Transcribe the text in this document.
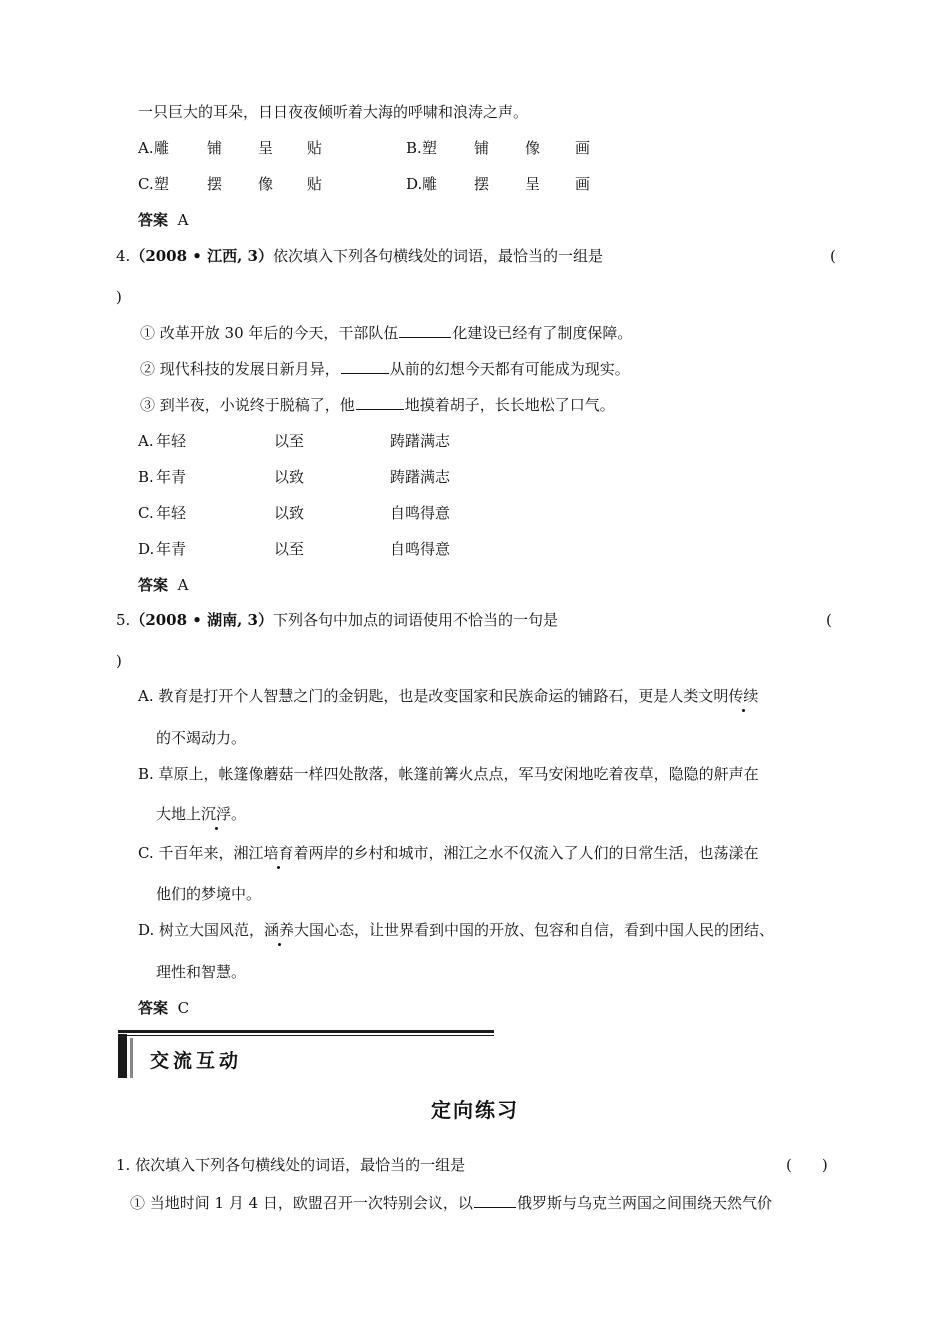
一只巨大的耳朵，日日夜夜倾听着大海的呼啸和浪涛之声。
A. 雕	铺 呈 贴	B. 塑 铺 像 画
C. 塑	摆 像 贴	D. 雕 摆 呈 画
答案 A
4.（2008 • 江西, 3）依次填入下列各句横线处的词语，最恰当的一组是	(
)
① 改革开放 30 年后的今天，干部队伍	化建设已经有了制度保障。
② 现代科技的发展日新月异，	从前的幻想今天都有可能成为现实。
③ 到半夜，小说终于脱稿了，他	地摸着胡子，长长地松了口气。
A. 年轻	以至	踌躇满志
B. 年青	以致	踌躇满志
C. 年轻	以致	自鸣得意
D. 年青	以至	自鸣得意
答案 A
5.（2008 • 湖南, 3）下列各句中加点的词语使用不恰当的一句是	(
)
A. 教育是打开个人智慧之门的金钥匙，也是改变国家和民族命运的铺路石，更是人类文明传续
的不竭动力。
B. 草原上，帐篷像蘑菇一样四处散落，帐篷前篝火点点，军马安闲地吃着夜草，隐隐的鼾声在
大地上沉浮。
C. 千百年来，湘江培育着两岸的乡村和城市，湘江之水不仅流入了人们的日常生活，也荡漾在
他们的梦境中。
D. 树立大国风范，涵养大国心态，让世界看到中国的开放、包容和自信，看到中国人民的团结、
理性和智慧。
答案 C
交流互动
定向练习
1. 依次填入下列各句横线处的词语，最恰当的一组是	(　　)
① 当地时间 1 月 4 日，欧盟召开一次特别会议，以	俄罗斯与乌克兰两国之间围绕天然气价
